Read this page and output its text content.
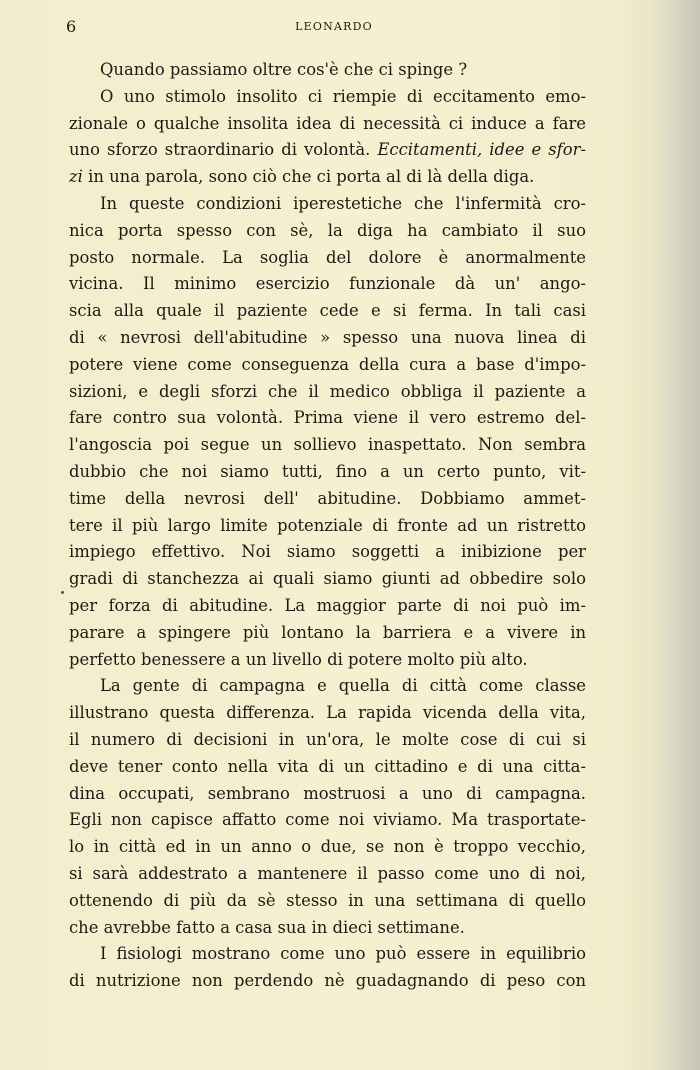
6	LEONARDO
Quando passiamo oltre cos'è che ci spinge ?
O uno stimolo insolito ci riempie di eccitamento emo-
zionale o qualche insolita idea di necessità ci induce a fare
uno sforzo straordinario di volontà. Eccitamenti, idee e sfor-
zi in una parola, sono ciò che ci porta al di là della diga.
In queste condizioni iperestetiche che l'infermità cro-
nica porta spesso con sè, la diga ha cambiato il suo
posto normale. La soglia del dolore è anormalmente
vicina. Il minimo esercizio funzionale dà un' ango-
scia alla quale il paziente cede e si ferma. In tali casi
di « nevrosi dell'abitudine » spesso una nuova linea di
potere viene come conseguenza della cura a base d'impo-
sizioni, e degli sforzi che il medico obbliga il paziente a
fare contro sua volontà. Prima viene il vero estremo del-
l'angoscia poi segue un sollievo inaspettato. Non sembra
dubbio che noi siamo tutti, fino a un certo punto, vit-
time della nevrosi dell' abitudine. Dobbiamo ammet-
tere il più largo limite potenziale di fronte ad un ristretto
impiego effettivo. Noi siamo soggetti a inibizione per
gradi di stanchezza ai quali siamo giunti ad obbedire solo
per forza di abitudine. La maggior parte di noi può im-
parare a spingere più lontano la barriera e a vivere in
perfetto benessere a un livello di potere molto più alto.
La gente di campagna e quella di città come classe
illustrano questa differenza. La rapida vicenda della vita,
il numero di decisioni in un'ora, le molte cose di cui si
deve tener conto nella vita di un cittadino e di una citta-
dina occupati, sembrano mostruosi a uno di campagna.
Egli non capisce affatto come noi viviamo. Ma trasportate-
lo in città ed in un anno o due, se non è troppo vecchio,
si sarà addestrato a mantenere il passo come uno di noi,
ottenendo di più da sè stesso in una settimana di quello
che avrebbe fatto a casa sua in dieci settimane.
I fisiologi mostrano come uno può essere in equilibrio
di nutrizione non perdendo nè guadagnando di peso con
